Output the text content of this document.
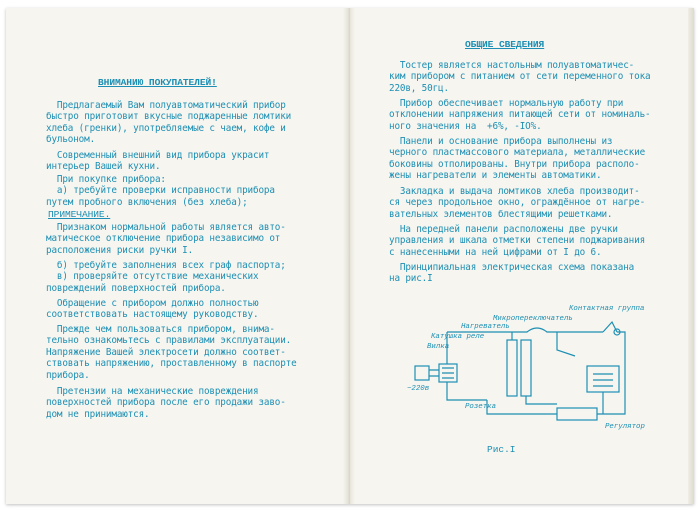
ВНИМАНИЮ ПОКУПАТЕЛЕЙ!
Предлагаемый Вам полуавтоматический прибор
быстро приготовит вкусные поджаренные ломтики
хлеба (гренки), употребляемые с чаем, кофе и
бульоном.
Современный внешний вид прибора украсит
интерьер Вашей кухни.
При покупке прибора:
а) требуйте проверки исправности прибора
путем пробного включения (без хлеба);
ПРИМЕЧАНИЕ.
Признаком нормальной работы является авто-
матическое отключение прибора независимо от
расположения риски ручки I.
б) требуйте заполнения всех граф паспорта;
в) проверяйте отсутствие механических
повреждений поверхностей прибора.
Обращение с прибором должно полностью
соответствовать настоящему руководству.
Прежде чем пользоваться прибором, внима-
тельно ознакомьтесь с правилами эксплуатации.
Напряжение Вашей электросети должно соответ-
ствовать напряжению, проставленному в паспорте
прибора.
Претензии на механические повреждения
поверхностей прибора после его продажи заво-
дом не принимаются.
ОБЩИЕ СВЕДЕНИЯ
Тостер является настольным полуавтоматичес-
ким прибором с питанием от сети переменного тока
220в, 50гц.
Прибор обеспечивает нормальную работу при
отклонении напряжения питающей сети от номиналь-
ного значения на  +6%, -IO%.
Панели и основание прибора выполнены из
черного пластмассового материала, металлические
боковины отполированы. Внутри прибора располо-
жены нагреватели и элементы автоматики.
Закладка и выдача ломтиков хлеба производит-
ся через продольное окно, ограждённое от нагре-
вательных элементов блестящими решетками.
На передней панели расположены две ручки
управления и шкала отметки степени поджаривания
с нанесенными на ней цифрами от I до 6.
Принципиальная электрическая схема показана
на рис.I
Контактная группа
Микропереключатель
Нагреватель
Катушка реле
Вилка
~220в
Розетка
Регулятор
Рис.I
